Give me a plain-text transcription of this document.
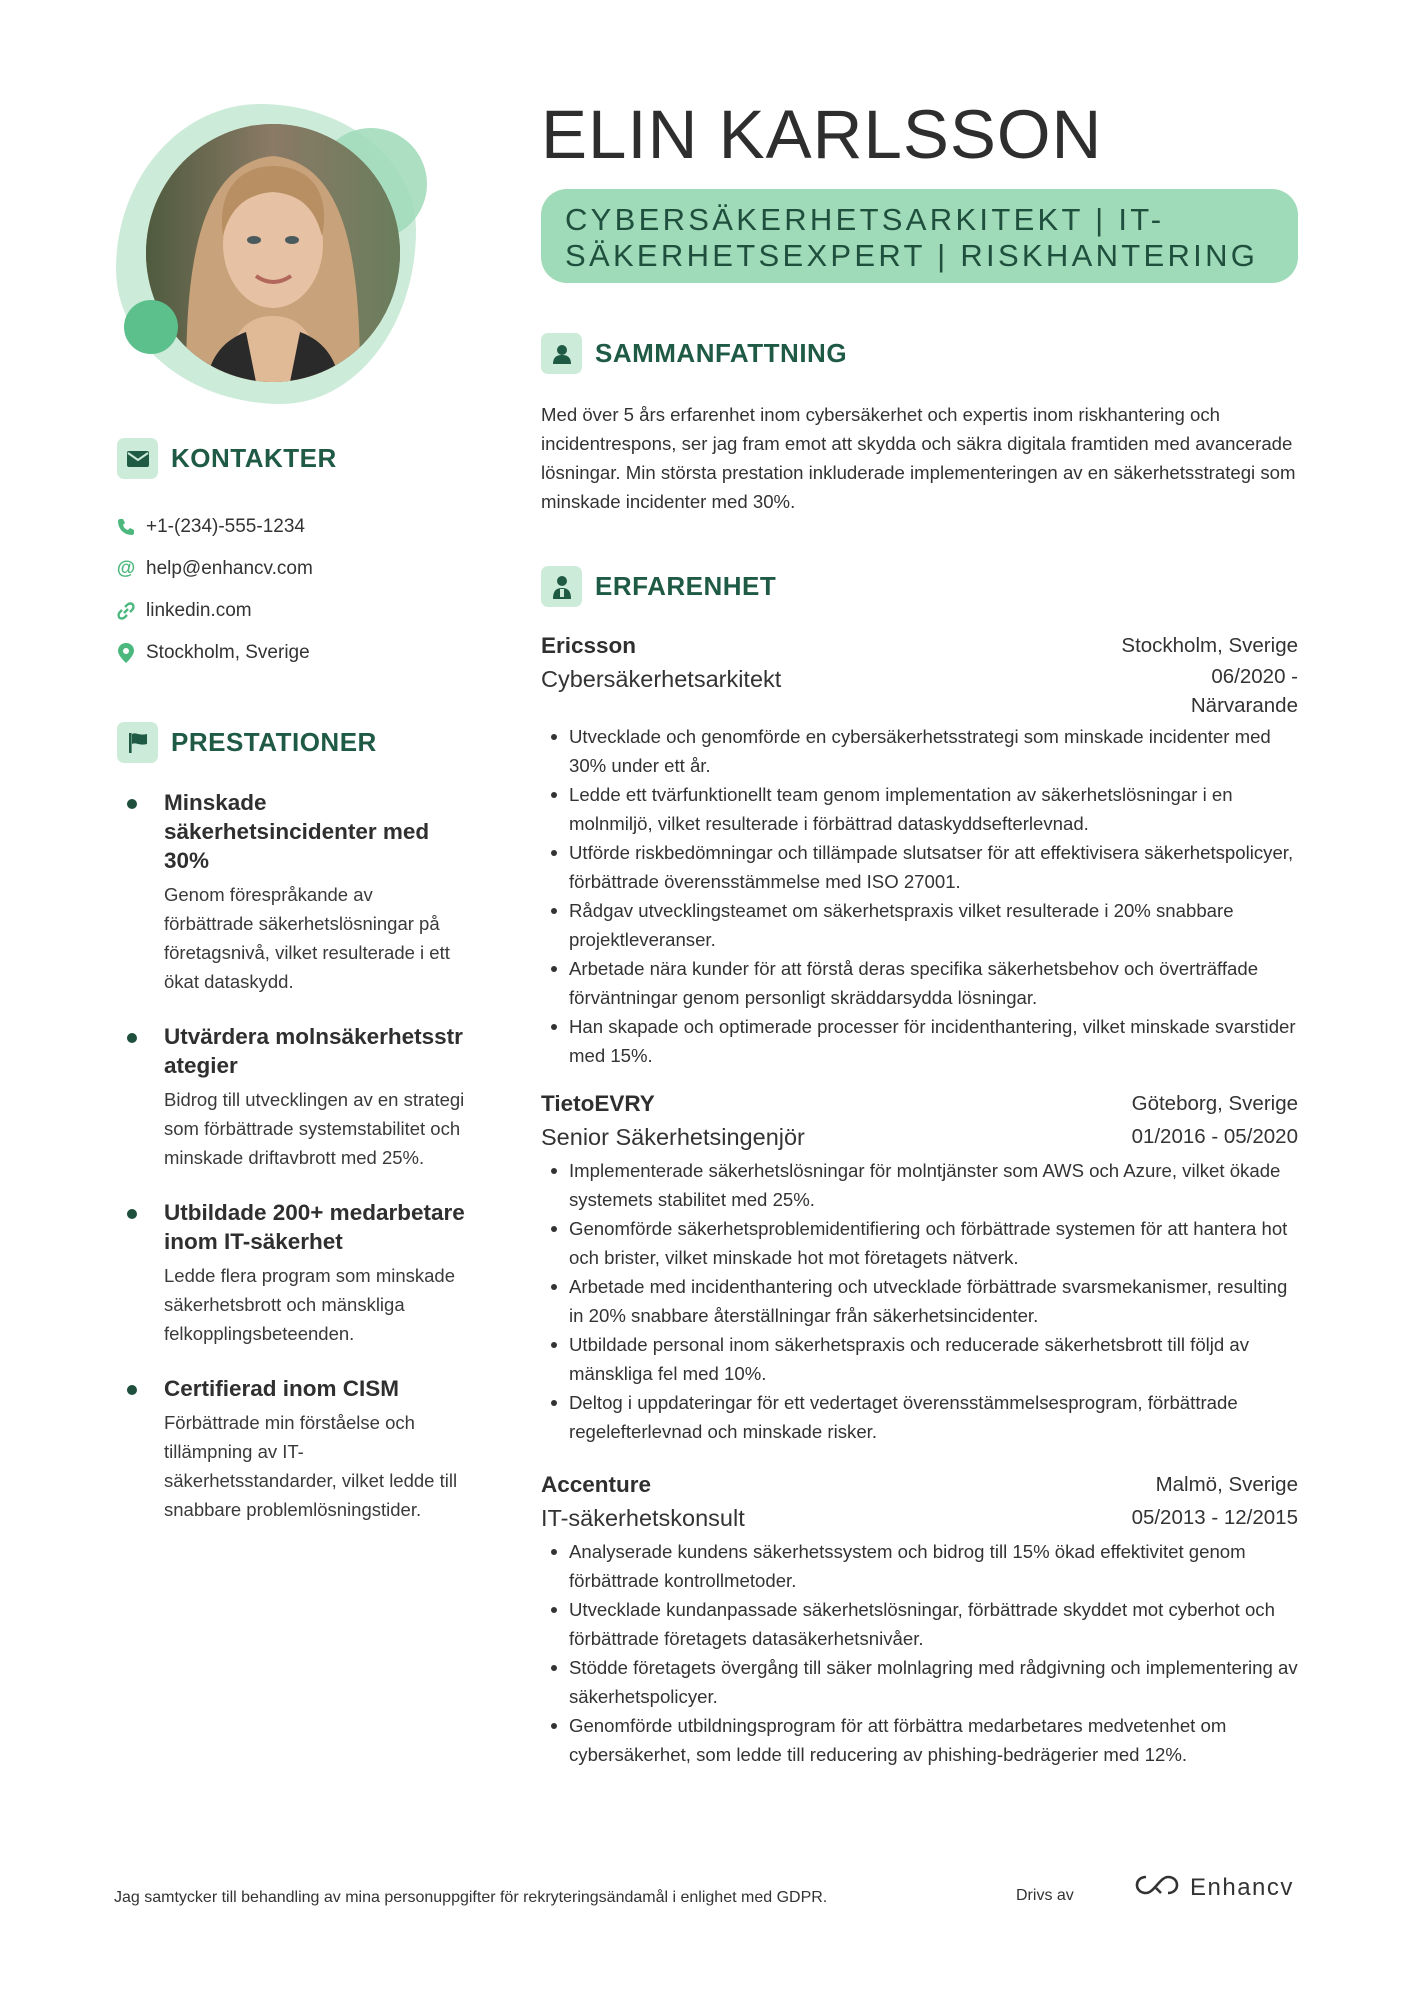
ELIN KARLSSON
CYBERSÄKERHETSARKITEKT | IT-
SÄKERHETSEXPERT | RISKHANTERING
SAMMANFATTNING

Med över 5 års erfarenhet inom cybersäkerhet och expertis inom riskhantering och incidentrespons, ser jag fram emot att skydda och säkra digitala framtiden med avancerade lösningar. Min största prestation inkluderade implementeringen av en säkerhetsstrategi som minskade incidenter med 30%.

ERFARENHET
Ericsson	Stockholm, Sverige
Cybersäkerhetsarkitekt	06/2020 -
Närvarande
Utvecklade och genomförde en cybersäkerhetsstrategi som minskade incidenter med 30% under ett år.
Ledde ett tvärfunktionellt team genom implementation av säkerhetslösningar i en molnmiljö, vilket resulterade i förbättrad dataskyddsefterlevnad.
Utförde riskbedömningar och tillämpade slutsatser för att effektivisera säkerhetspolicyer, förbättrade överensstämmelse med ISO 27001.
Rådgav utvecklingsteamet om säkerhetspraxis vilket resulterade i 20% snabbare projektleveranser.
Arbetade nära kunder för att förstå deras specifika säkerhetsbehov och överträffade förväntningar genom personligt skräddarsydda lösningar.
Han skapade och optimerade processer för incidenthantering, vilket minskade svarstider med 15%.
TietoEVRY	Göteborg, Sverige
Senior Säkerhetsingenjör	01/2016 - 05/2020
Implementerade säkerhetslösningar för molntjänster som AWS och Azure, vilket ökade systemets stabilitet med 25%.
Genomförde säkerhetsproblemidentifiering och förbättrade systemen för att hantera hot och brister, vilket minskade hot mot företagets nätverk.
Arbetade med incidenthantering och utvecklade förbättrade svarsmekanismer, resulting in 20% snabbare återställningar från säkerhetsincidenter.
Utbildade personal inom säkerhetspraxis och reducerade säkerhetsbrott till följd av mänskliga fel med 10%.
Deltog i uppdateringar för ett vedertaget överensstämmelsesprogram, förbättrade regelefterlevnad och minskade risker.
Accenture	Malmö, Sverige
IT-säkerhetskonsult	05/2013 - 12/2015
Analyserade kundens säkerhetssystem och bidrog till 15% ökad effektivitet genom förbättrade kontrollmetoder.
Utvecklade kundanpassade säkerhetslösningar, förbättrade skyddet mot cyberhot och förbättrade företagets datasäkerhetsnivåer.
Stödde företagets övergång till säker molnlagring med rådgivning och implementering av säkerhetspolicyer.
Genomförde utbildningsprogram för att förbättra medarbetares medvetenhet om cybersäkerhet, som ledde till reducering av phishing-bedrägerier med 12%.
KONTAKTER
+1-(234)-555-1234
@ help@enhancv.com
linkedin.com
Stockholm, Sverige
PRESTATIONER
Minskade säkerhetsincidenter med 30%
Genom förespråkande av förbättrade säkerhetslösningar på företagsnivå, vilket resulterade i ett ökat dataskydd.
Utvärdera molnsäkerhetsstrategier
Bidrog till utvecklingen av en strategi som förbättrade systemstabilitet och minskade driftavbrott med 25%.
Utbildade 200+ medarbetare inom IT-säkerhet
Ledde flera program som minskade säkerhetsbrott och mänskliga felkopplingsbeteenden.
Certifierad inom CISM
Förbättrade min förståelse och tillämpning av IT-säkerhetsstandarder, vilket ledde till snabbare problemlösningstider.
Jag samtycker till behandling av mina personuppgifter för rekryteringsändamål i enlighet med GDPR.	Drivs av	Enhancv
